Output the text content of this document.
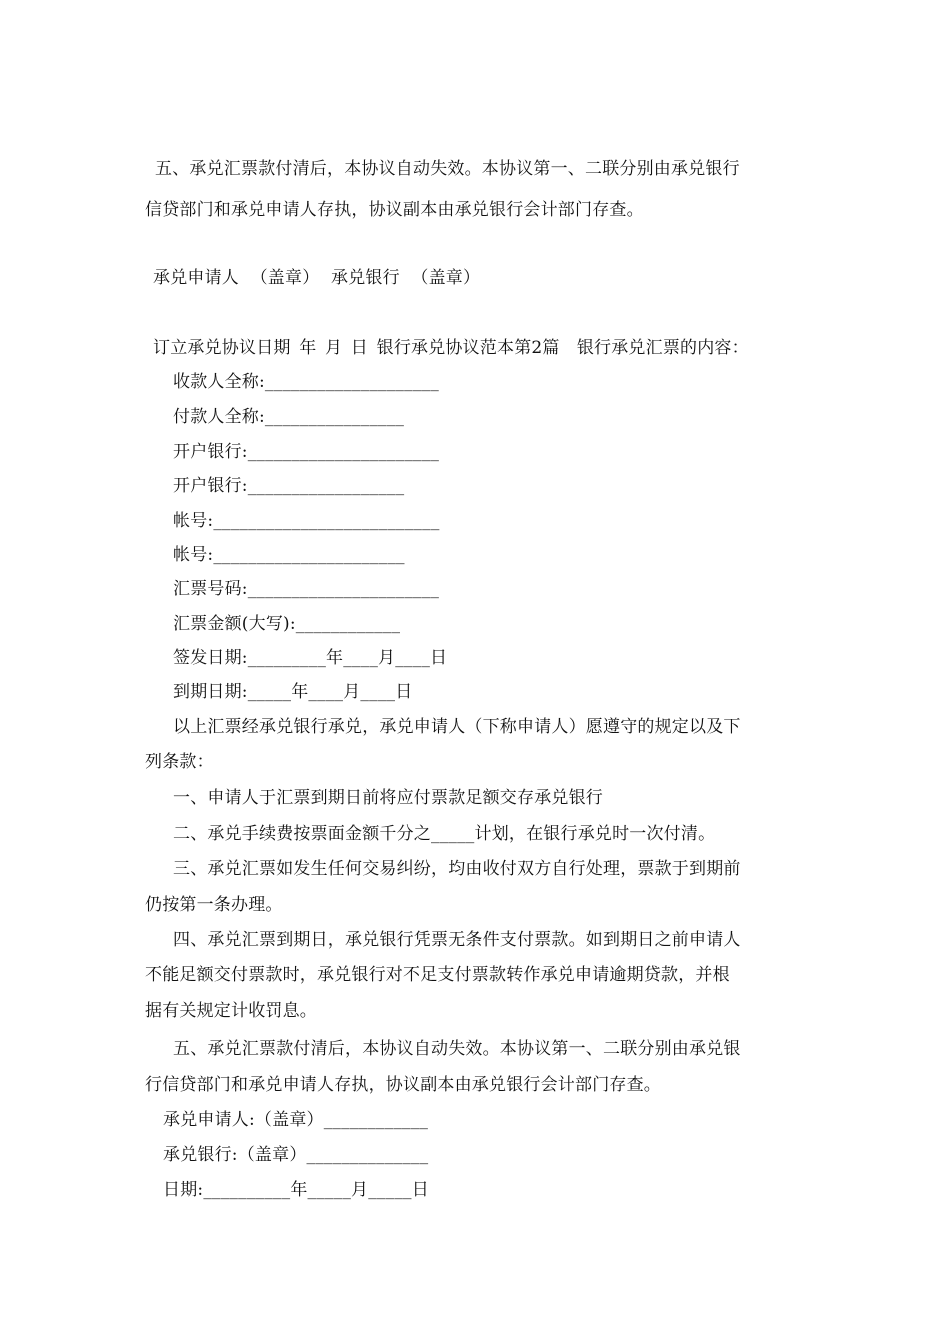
五、承兑汇票款付清后，本协议自动失效。本协议第一、二联分别由承兑银行
信贷部门和承兑申请人存执，协议副本由承兑银行会计部门存查。
承兑申请人 （盖章） 承兑银行 （盖章）
订立承兑协议日期 年 月 日 银行承兑协议范本第2篇　银行承兑汇票的内容：
收款人全称:____________________
付款人全称:________________
开户银行:______________________
开户银行:__________________
帐号:__________________________
帐号:______________________
汇票号码:______________________
汇票金额(大写):____________
签发日期:_________年____月____日
到期日期:_____年____月____日
以上汇票经承兑银行承兑，承兑申请人（下称申请人）愿遵守的规定以及下
列条款：
一、申请人于汇票到期日前将应付票款足额交存承兑银行
二、承兑手续费按票面金额千分之_____计划，在银行承兑时一次付清。
三、承兑汇票如发生任何交易纠纷，均由收付双方自行处理，票款于到期前
仍按第一条办理。
四、承兑汇票到期日，承兑银行凭票无条件支付票款。如到期日之前申请人
不能足额交付票款时，承兑银行对不足支付票款转作承兑申请逾期贷款，并根
据有关规定计收罚息。
五、承兑汇票款付清后，本协议自动失效。本协议第一、二联分别由承兑银
行信贷部门和承兑申请人存执，协议副本由承兑银行会计部门存查。
承兑申请人:（盖章）____________
承兑银行:（盖章）______________
日期:__________年_____月_____日
